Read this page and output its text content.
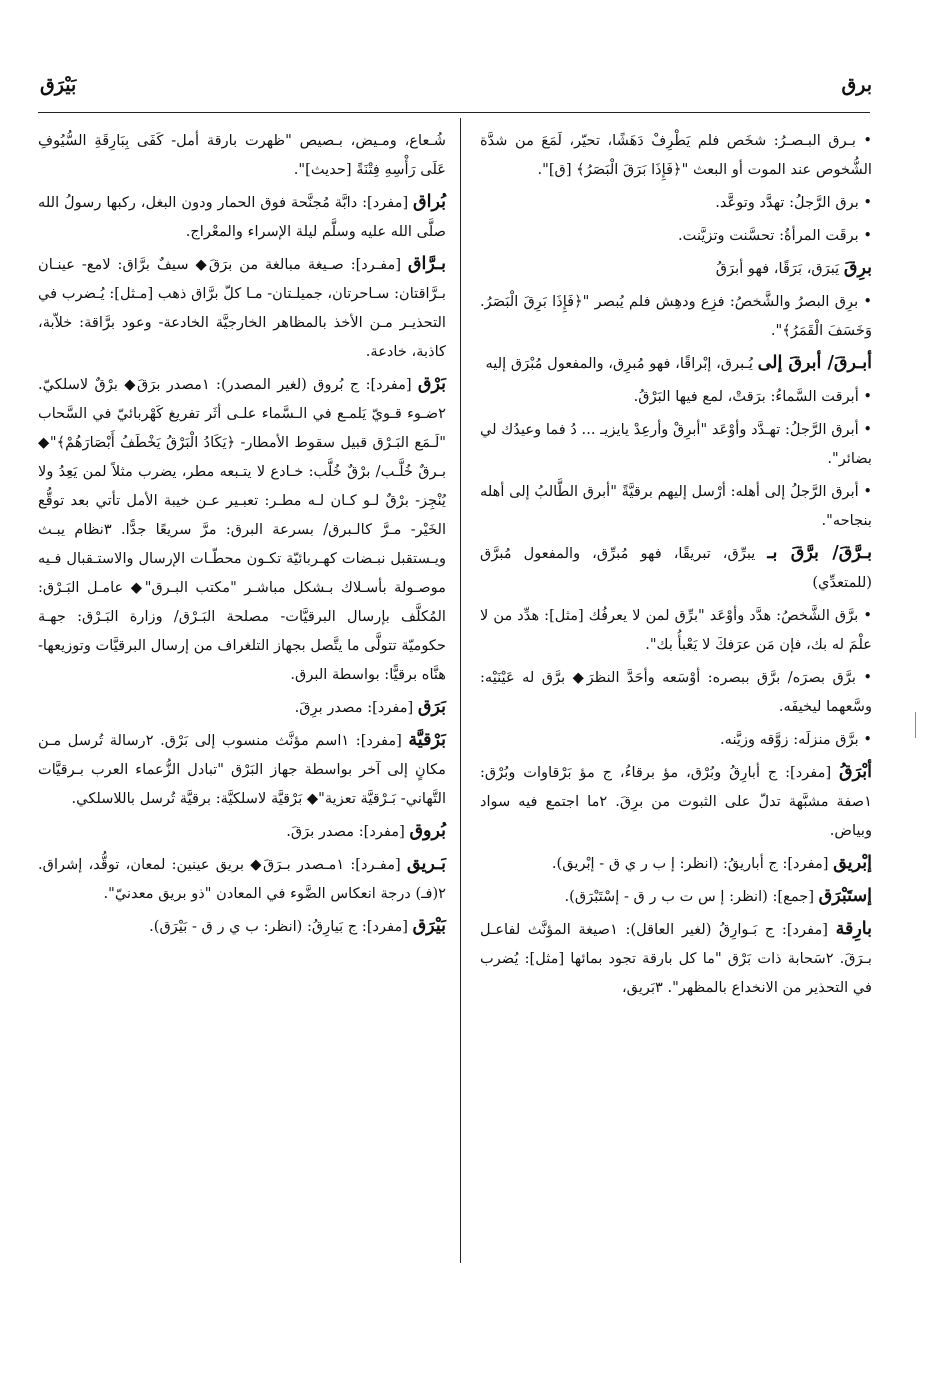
برق
بَيْرَق

• بـرق البـصـرُ: شخَص فلم يَطْرِفْ دَهَشًا، تحيّر، لَمَعَ من شدَّة الشُّخوص عند الموت أو البعث "﴿فَإِذَا بَرَقَ الْبَصَرُ﴾ [ق]".

• برق الرَّجلُ: تهدَّد وتوعَّد.

• برقَت المرأةُ: تحسَّنت وتزيَّنت.

برِقَ يَبرَق، بَرَقًا، فهو أبرَقُ

• برِق البصرُ والشَّخصُ: فزِع ودهِش فلم يُبصر "﴿فَإِذَا بَرِقَ الْبَصَرُ. وَخَسَفَ الْقَمَرُ﴾".

أبـرقَ/ أبرقَ إلى يُـبرق، إبْراقًا، فهو مُبرِق، والمفعول مُبْرَق إليه

• أبرقت السَّماءُ: برَقتْ، لمع فيها البَرْقُ.

• أبرق الرَّجلُ: تهـدَّد وأوْعَد "أبرِقْ وأرعِدْ يايزيـ ... دُ فما وعيدُك لي بضائر".

• أبرق الرَّجلُ إلى أهله: أرْسل إليهم برقيَّةً "أبرق الطَّالبُ إلى أهله بنجاحه".

بـرَّقَ/ برَّقَ بـ يبرِّق، تبريقًا، فهو مُبرِّق، والمفعول مُبرَّق (للمتعدِّي)

• برَّق الشَّخصُ: هدَّد وأوْعَد "برِّق لمن لا يعرفُك [مثل]: هدِّد من لا علْمَ له بك، فإن مَن عرَفكَ لا يَعْبأُ بك".

• برَّق بصرَه/ برَّق ببصره: أوْسَعه وأحَدَّ النظرَ◆ برَّق له عَيْنَيْه: وسَّعهما ليخيفَه.

• برَّق منزلَه: زوَّقه وزيَّنه.

أبْرَقُ [مفرد]: ج أبارِقُ وبُرْق، مؤ برقاءُ، ج مؤ بَرْقاوات وبُرْق: ١صفة مشبَّهة تدلّ على الثبوت من برِقَ. ٢ما اجتمع فيه سواد وبياض.

إبْريق [مفرد]: ج أباريقُ: (انظر: إ ب ر ي ق - إبْريق).

إستَبْرَق [جمع]: (انظر: إ س ت ب ر ق - إسْتَبْرَق).

بارِقة [مفرد]: ج بَـوارِقُ (لغير العاقل): ١صيغة المؤنَّث لفاعـل بـرَقَ. ٢سَحابة ذات بَرْق "ما كل بارقة تجود بمائها [مثل]: يُضرب في التحذير من الانخداع بالمظهر". ٣بَريق،

شُـعاع، ومـيض، بـصيص "ظهرت بارقة أمل- كَفَى بِبَارِقَةِ السُّيُوفِ عَلَى رَأْسِهِ فِتْنَةً [حديث]".

بُراق [مفرد]: دابَّة مُجنَّحة فوق الحمار ودون البغل، ركبها رسولُ الله صلَّى الله عليه وسلَّم ليلة الإسراء والمعْراج.

بـرَّاق [مفـرد]: صـيغة مبالغة من برَقَ◆ سيفٌ برَّاق: لامع- عينـان بـرَّاقتان: سـاحرتان، جميلـتان- مـا كلّ برَّاق ذهب [مـثل]: يُـضرب في التحذيـر مـن الأخذ بالمظاهر الخارجيَّة الخادعة- وعود برَّاقة: خلاّبة، كاذبة، خادعة.

بَرْق [مفرد]: ج بُروق (لغير المصدر): ١مصدر برَقَ◆ برْقٌ لاسلكيّ. ٢ضـوء قـويّ يَلمـع في الـسَّماء علـى أثَر تفريغ كَهْربائيّ في السَّحاب "لَـمَع البَـرْق قبيل سقوط الأمطار- ﴿يَكَادُ الْبَرْقُ يَخْطَفُ أَبْصَارَهُمْ﴾"◆ بـرقٌ خُلَّـب/ برْقٌ خُلَّب: خـادع لا يتـبعه مطر، يضرب مثلاً لمن يَعِدُ ولا يُنْجِز- برْقٌ لـو كـان لـه مطـر: تعبـير عـن خيبة الأمل تأتي بعد توقُّع الخَيْر- مـرَّ كالـبرق/ بسرعة البرق: مرَّ سريعًا جدًّا. ٣نظام يبـث ويـستقبل نبـضات كهـربائيّة تكـون محطّـات الإرسال والاستـقبال فـيه موصـولة بأسـلاك بـشكل مباشـر "مكتب البـرق"◆ عامـل البَـرْق: المُكلَّف بإرسال البرقيَّات- مصلحة البَـرْق/ وزارة البَـرْق: جهـة حكوميّة تتولَّى ما يتَّصل بجهاز التلغراف من إرسال البرقيَّات وتوزيعها- هنَّاه برقيًّا: بواسطة البرق.

بَرَق [مفرد]: مصدر برِقَ.

بَرْقيَّة [مفرد]: ١اسم مؤنَّث منسوب إلى بَرْق. ٢رسالة تُرسل مـن مكانٍ إلى آخر بواسطة جهاز البَرْق "تبادل الزُّعماء العرب بـرقيَّات التَّهاني- بَـرْقيَّة تعزية"◆ بَرْقيَّة لاسلكيَّة: برقيَّة تُرسل باللاسلكي.

بُروق [مفرد]: مصدر برَقَ.

بَـريق [مفـرد]: ١مـصدر بـرَقَ◆ بريق عينين: لمعان، توقُّد، إشراق. ٢(فـ) درجة انعكاس الضَّوء في المعادن "ذو بريق معدنيّ".

بَيْرَق [مفرد]: ج بَيارِقُ: (انظر: ب ي ر ق - بَيْرَق).
